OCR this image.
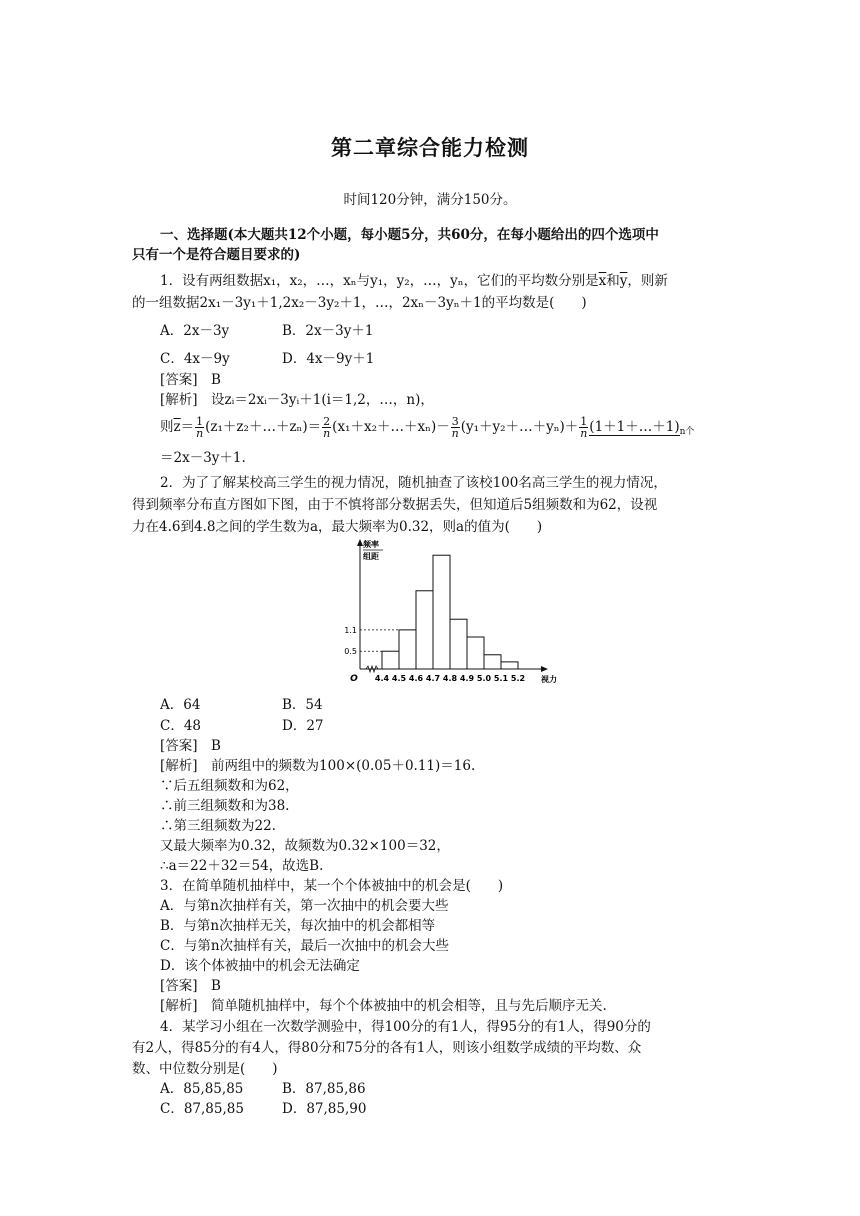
第二章综合能力检测
时间120分钟，满分150分。
一、选择题(本大题共12个小题，每小题5分，共60分，在每小题给出的四个选项中
只有一个是符合题目要求的)
1．设有两组数据x₁，x₂，…，xₙ与y₁，y₂，…，yₙ，它们的平均数分别是$\overline{x}$和$\overline{y}$，则新
的一组数据2x₁－3y₁＋1,2x₂－3y₂＋1，…，2xₙ－3yₙ＋1的平均数是(　　)
A．2x－3y	B．2x－3y＋1
C．4x－9y	D．4x－9y＋1
[答案]　 B
[解析]　 设zᵢ＝2xᵢ－3yᵢ＋1(i＝1,2，…，n)，
则$\overline{z}= \frac{1}{n}$ (z₁＋z₂＋…＋zₙ)＝ $\frac{2}{n}$ (x₁＋x₂＋…＋xₙ)－ $\frac{3}{n}$ (y₁＋y₂＋…＋yₙ)＋ $\frac{1}{n}$ $(1+1+\dots+1)_{n个}$
＝2x－3y＋1.
2．为了了解某校高三学生的视力情况，随机抽查了该校100名高三学生的视力情况，
得到频率分布直方图如下图，由于不慎将部分数据丢失，但知道后5组频数和为62，设视
力在4.6到4.8之间的学生数为a，最大频率为0.32，则a的值为(　　)
0.5
1.1
4.4 4.5 4.6 4.7 4.8 4.9 5.0 5.1 5.2
O	视力
频率
组距
A．64	B．54
C．48	D．27
[答案]　 B
[解析]　 前两组中的频数为100×(0.05＋0.11)＝16.
∵后五组频数和为62，
∴前三组频数和为38.
∴第三组频数为22.
又最大频率为0.32，故频数为0.32×100＝32，
∴a＝22＋32＝54，故选B.
3．在简单随机抽样中，某一个个体被抽中的机会是(　　)
A．与第n次抽样有关，第一次抽中的机会要大些
B．与第n次抽样无关，每次抽中的机会都相等
C．与第n次抽样有关，最后一次抽中的机会大些
D．该个体被抽中的机会无法确定
[答案]　 B
[解析]　 简单随机抽样中，每个个体被抽中的机会相等，且与先后顺序无关.
4．某学习小组在一次数学测验中，得100分的有1人，得95分的有1人，得90分的
有2人，得85分的有4人，得80分和75分的各有1人，则该小组数学成绩的平均数、众
数、中位数分别是(　　)
A．85,85,85	B．87,85,86
C．87,85,85	D．87,85,90
